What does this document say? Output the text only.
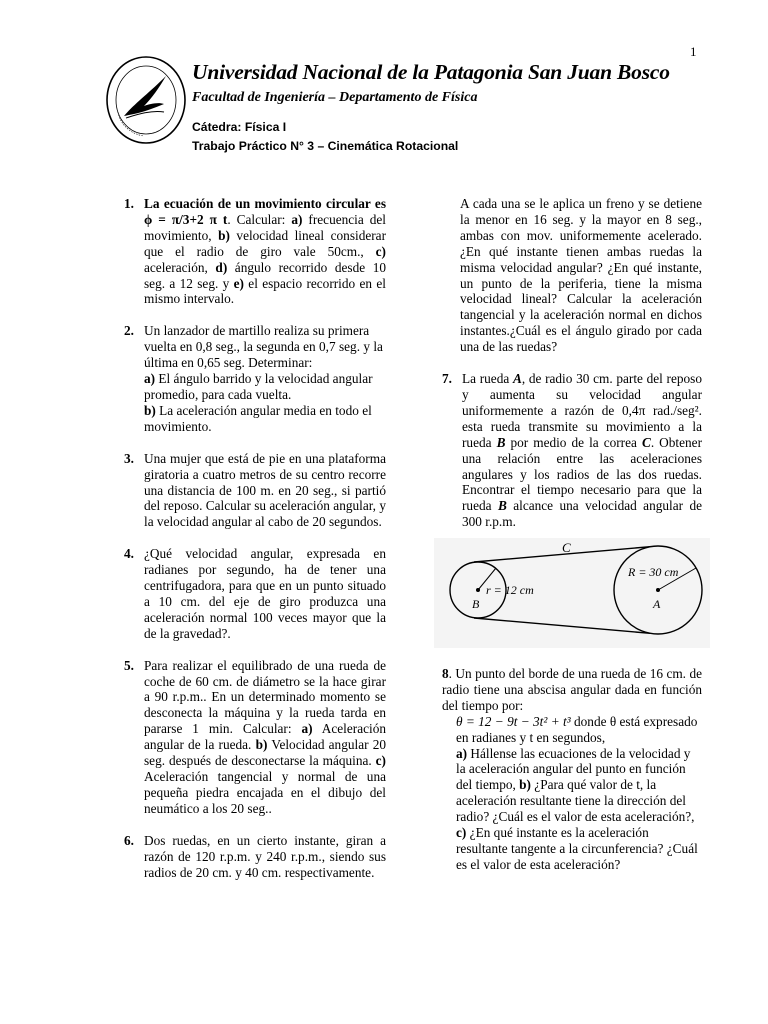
1
Universidad Nacional de la Patagonia San Juan Bosco
Facultad de Ingeniería – Departamento de Física
Cátedra: Física I
Trabajo Práctico N° 3 – Cinemática Rotacional
1. La ecuación de un movimiento circular es ϕ = π/3+2 π t. Calcular: a) frecuencia del movimiento, b) velocidad lineal considerar que el radio de giro vale 50cm., c) aceleración, d) ángulo recorrido desde 10 seg. a 12 seg. y e) el espacio recorrido en el mismo intervalo.
2. Un lanzador de martillo realiza su primera vuelta en 0,8 seg., la segunda en 0,7 seg. y la última en 0,65 seg. Determinar:
a) El ángulo barrido y la velocidad angular promedio, para cada vuelta.
b) La aceleración angular media en todo el movimiento.
3. Una mujer que está de pie en una plataforma giratoria a cuatro metros de su centro recorre una distancia de 100 m. en 20 seg., si partió del reposo. Calcular su aceleración angular, y la velocidad angular al cabo de 20 segundos.
4. ¿Qué velocidad angular, expresada en radianes por segundo, ha de tener una centrifugadora, para que en un punto situado a 10 cm. del eje de giro produzca una aceleración normal 100 veces mayor que la de la gravedad?.
5. Para realizar el equilibrado de una rueda de coche de 60 cm. de diámetro se la hace girar a 90 r.p.m.. En un determinado momento se desconecta la máquina y la rueda tarda en pararse 1 min. Calcular: a) Aceleración angular de la rueda. b) Velocidad angular 20 seg. después de desconectarse la máquina. c) Aceleración tangencial y normal de una pequeña piedra encajada en el dibujo del neumático a los 20 seg..
6. Dos ruedas, en un cierto instante, giran a razón de 120 r.p.m. y 240 r.p.m., siendo sus radios de 20 cm. y 40 cm. respectivamente.
A cada una se le aplica un freno y se detiene la menor en 16 seg. y la mayor en 8 seg., ambas con mov. uniformemente acelerado. ¿En qué instante tienen ambas ruedas la misma velocidad angular? ¿En qué instante, un punto de la periferia, tiene la misma velocidad lineal? Calcular la aceleración tangencial y la aceleración normal en dichos instantes.¿Cuál es el ángulo girado por cada una de las ruedas?
7. La rueda A, de radio 30 cm. parte del reposo y aumenta su velocidad angular uniformemente a razón de 0,4π rad./seg². esta rueda transmite su movimiento a la rueda B por medio de la correa C. Obtener una relación entre las aceleraciones angulares y los radios de las dos ruedas. Encontrar el tiempo necesario para que la rueda B alcance una velocidad angular de 300 r.p.m.
C
R = 30 cm
r = 12 cm
A
B
8. Un punto del borde de una rueda de 16 cm. de radio tiene una abscisa angular dada en función del tiempo por:
θ = 12 − 9t − 3t² + t³ donde θ está expresado en radianes y t en segundos,
a) Hállense las ecuaciones de la velocidad y la aceleración angular del punto en función del tiempo, b) ¿Para qué valor de t, la aceleración resultante tiene la dirección del radio? ¿Cuál es el valor de esta aceleración?, c) ¿En qué instante es la aceleración resultante tangente a la circunferencia? ¿Cuál es el valor de esta aceleración?
